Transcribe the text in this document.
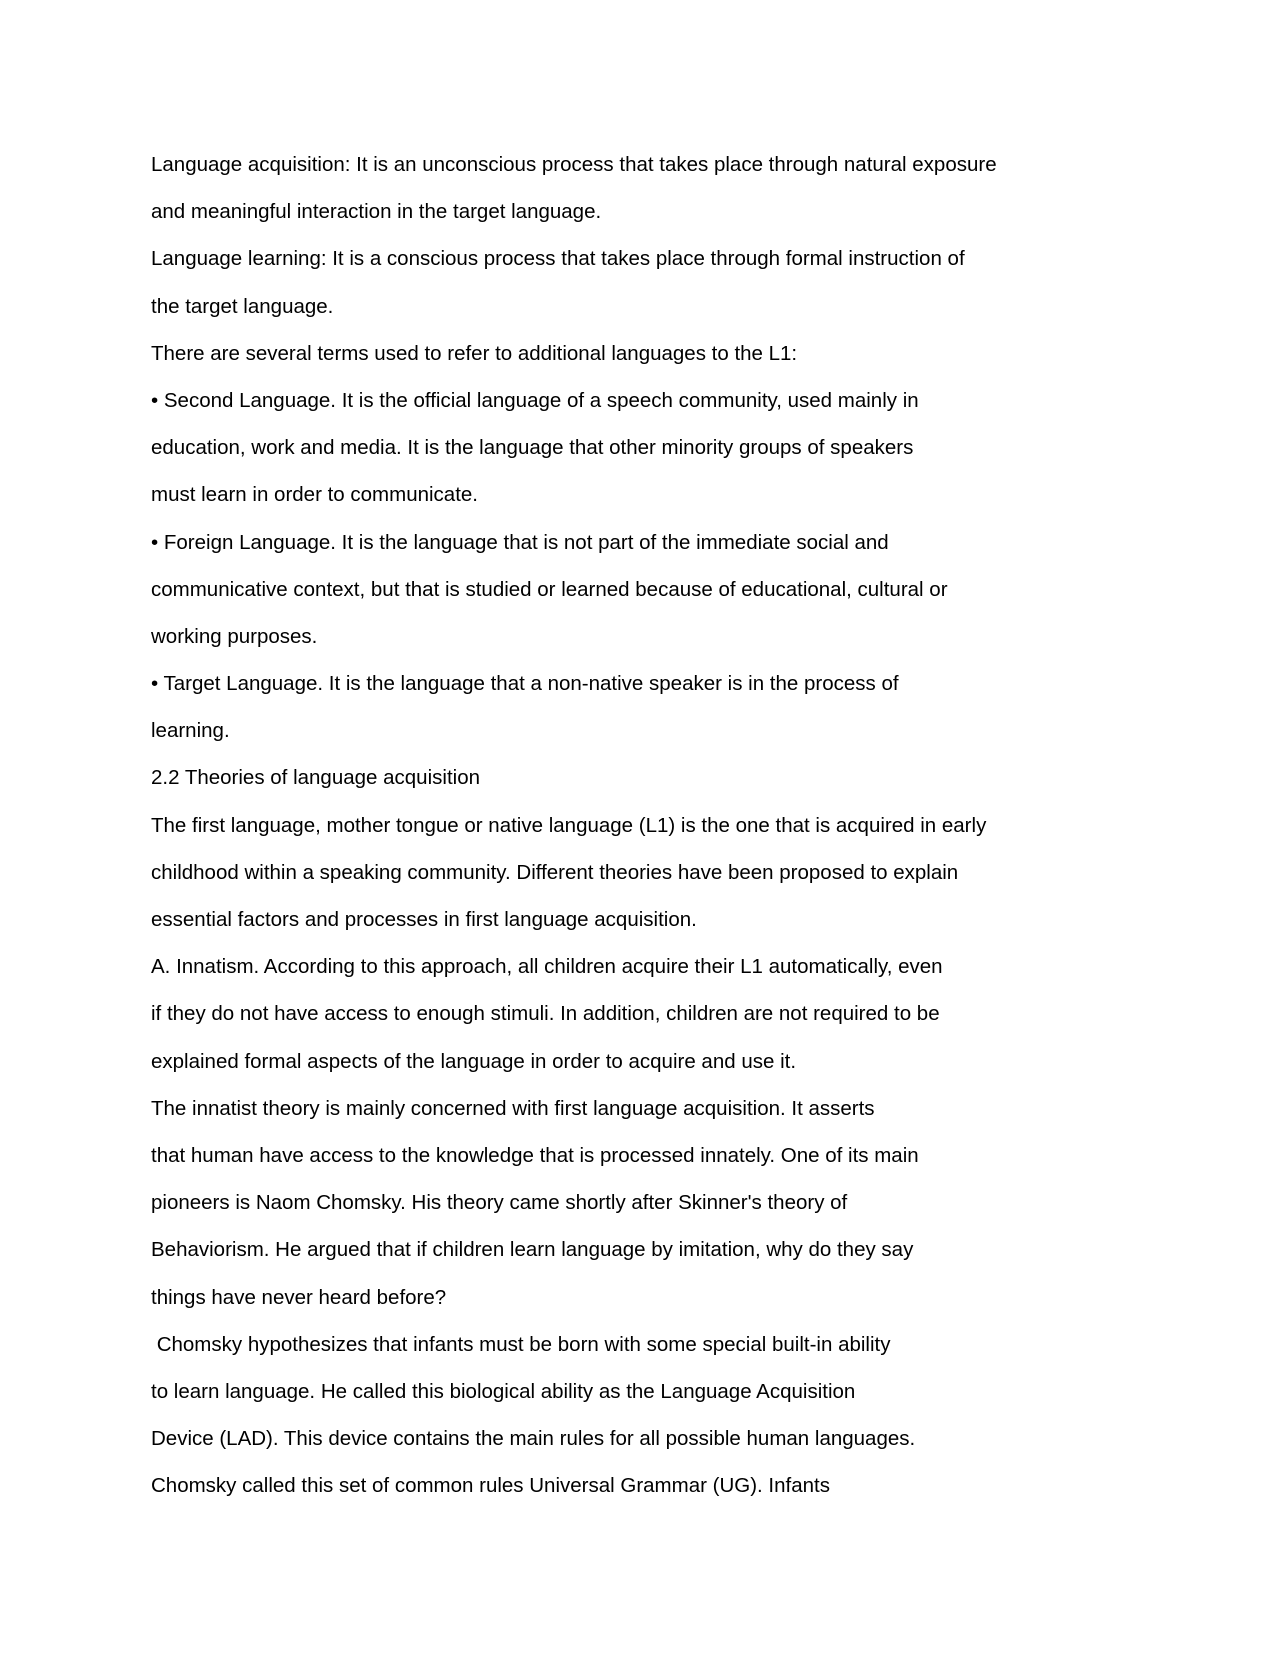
Language acquisition: It is an unconscious process that takes place through natural exposure
and meaningful interaction in the target language.
Language learning: It is a conscious process that takes place through formal instruction of
the target language.
There are several terms used to refer to additional languages to the L1:
• Second Language. It is the official language of a speech community, used mainly in
education, work and media. It is the language that other minority groups of speakers
must learn in order to communicate.
• Foreign Language. It is the language that is not part of the immediate social and
communicative context, but that is studied or learned because of educational, cultural or
working purposes.
• Target Language. It is the language that a non-native speaker is in the process of
learning.
2.2 Theories of language acquisition
The first language, mother tongue or native language (L1) is the one that is acquired in early
childhood within a speaking community. Different theories have been proposed to explain
essential factors and processes in first language acquisition.
A. Innatism. According to this approach, all children acquire their L1 automatically, even
if they do not have access to enough stimuli. In addition, children are not required to be
explained formal aspects of the language in order to acquire and use it.
The innatist theory is mainly concerned with first language acquisition. It asserts
that human have access to the knowledge that is processed innately. One of its main
pioneers is Naom Chomsky. His theory came shortly after Skinner's theory of
Behaviorism. He argued that if children learn language by imitation, why do they say
things have never heard before?
Chomsky hypothesizes that infants must be born with some special built-in ability
to learn language. He called this biological ability as the Language Acquisition
Device (LAD). This device contains the main rules for all possible human languages.
Chomsky called this set of common rules Universal Grammar (UG). Infants
